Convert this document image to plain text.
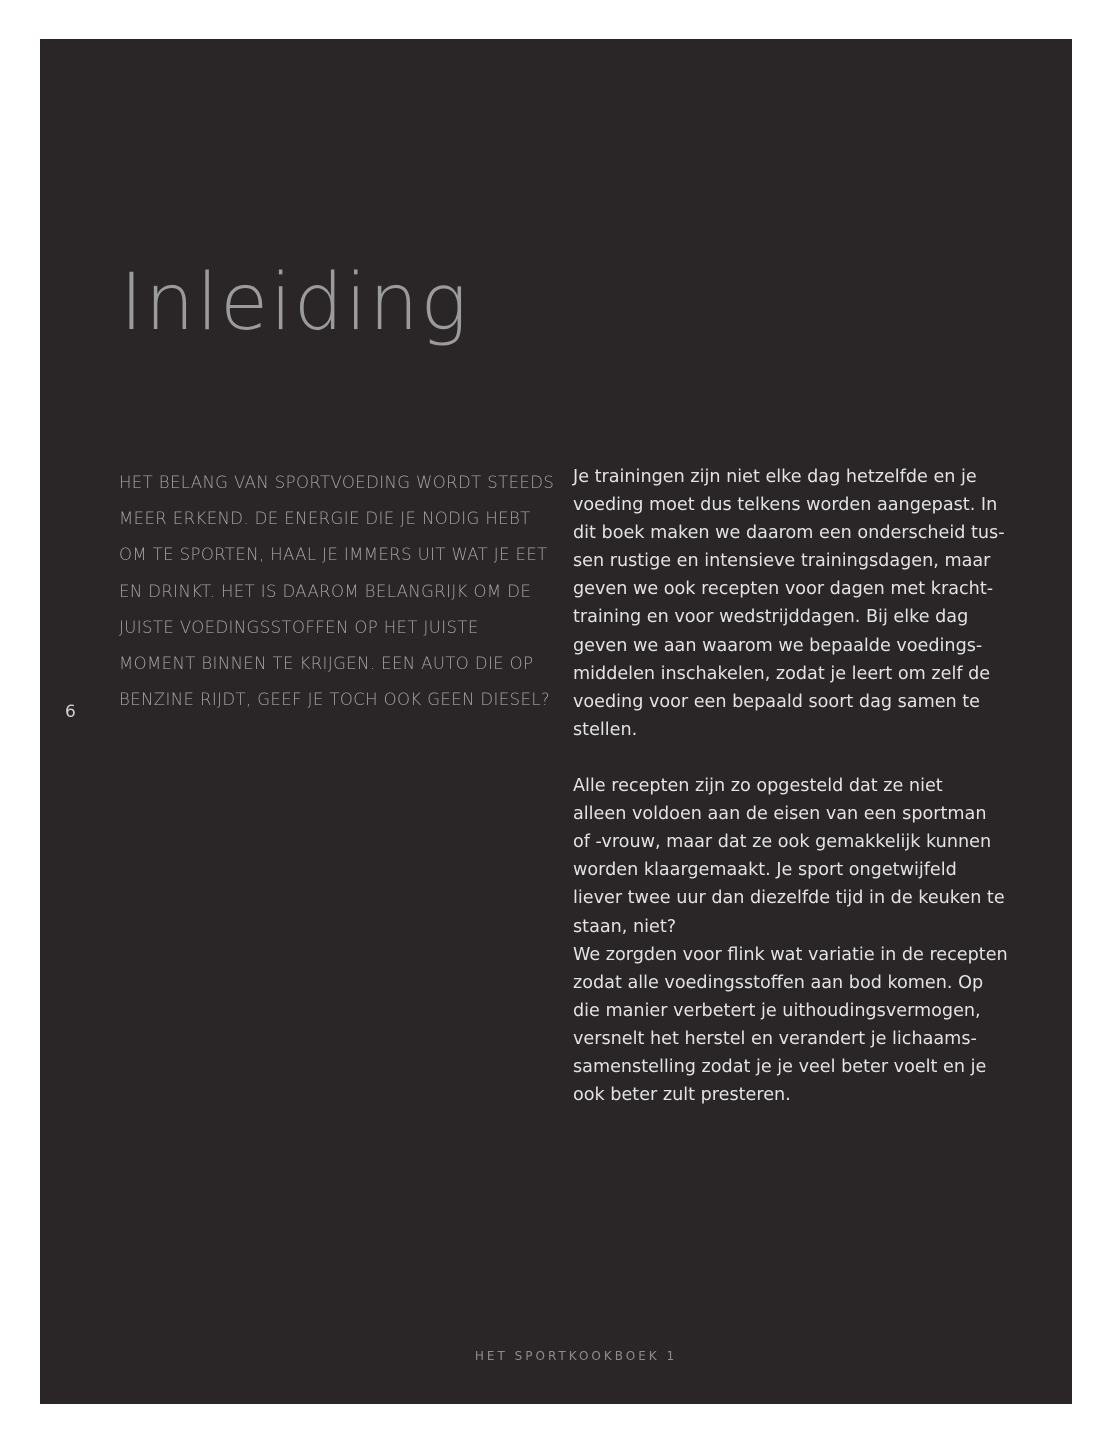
Inleiding

HET BELANG VAN SPORTVOEDING WORDT STEEDS MEER ERKEND. DE ENERGIE DIE JE NODIG HEBT OM TE SPORTEN, HAAL JE IMMERS UIT WAT JE EET EN DRINKT. HET IS DAAROM BELANGRIJK OM DE JUISTE VOEDINGSSTOFFEN OP HET JUISTE MOMENT BINNEN TE KRIJGEN. EEN AUTO DIE OP BENZINE RIJDT, GEEF JE TOCH OOK GEEN DIESEL?

6

Je trainingen zijn niet elke dag hetzelfde en je
voeding moet dus telkens worden aangepast. In
dit boek maken we daarom een onderscheid tus-
sen rustige en intensieve trainingsdagen, maar
geven we ook recepten voor dagen met kracht-
training en voor wedstrijddagen. Bij elke dag
geven we aan waarom we bepaalde voedings-
middelen inschakelen, zodat je leert om zelf de
voeding voor een bepaald soort dag samen te
stellen.

Alle recepten zijn zo opgesteld dat ze niet
alleen voldoen aan de eisen van een sportman
of -vrouw, maar dat ze ook gemakkelijk kunnen
worden klaargemaakt. Je sport ongetwijfeld
liever twee uur dan diezelfde tijd in de keuken te
staan, niet?

We zorgden voor flink wat variatie in de recepten
zodat alle voedingsstoffen aan bod komen. Op
die manier verbetert je uithoudingsvermogen,
versnelt het herstel en verandert je lichaams-
samenstelling zodat je je veel beter voelt en je
ook beter zult presteren.

HET SPORTKOOKBOEK 1
